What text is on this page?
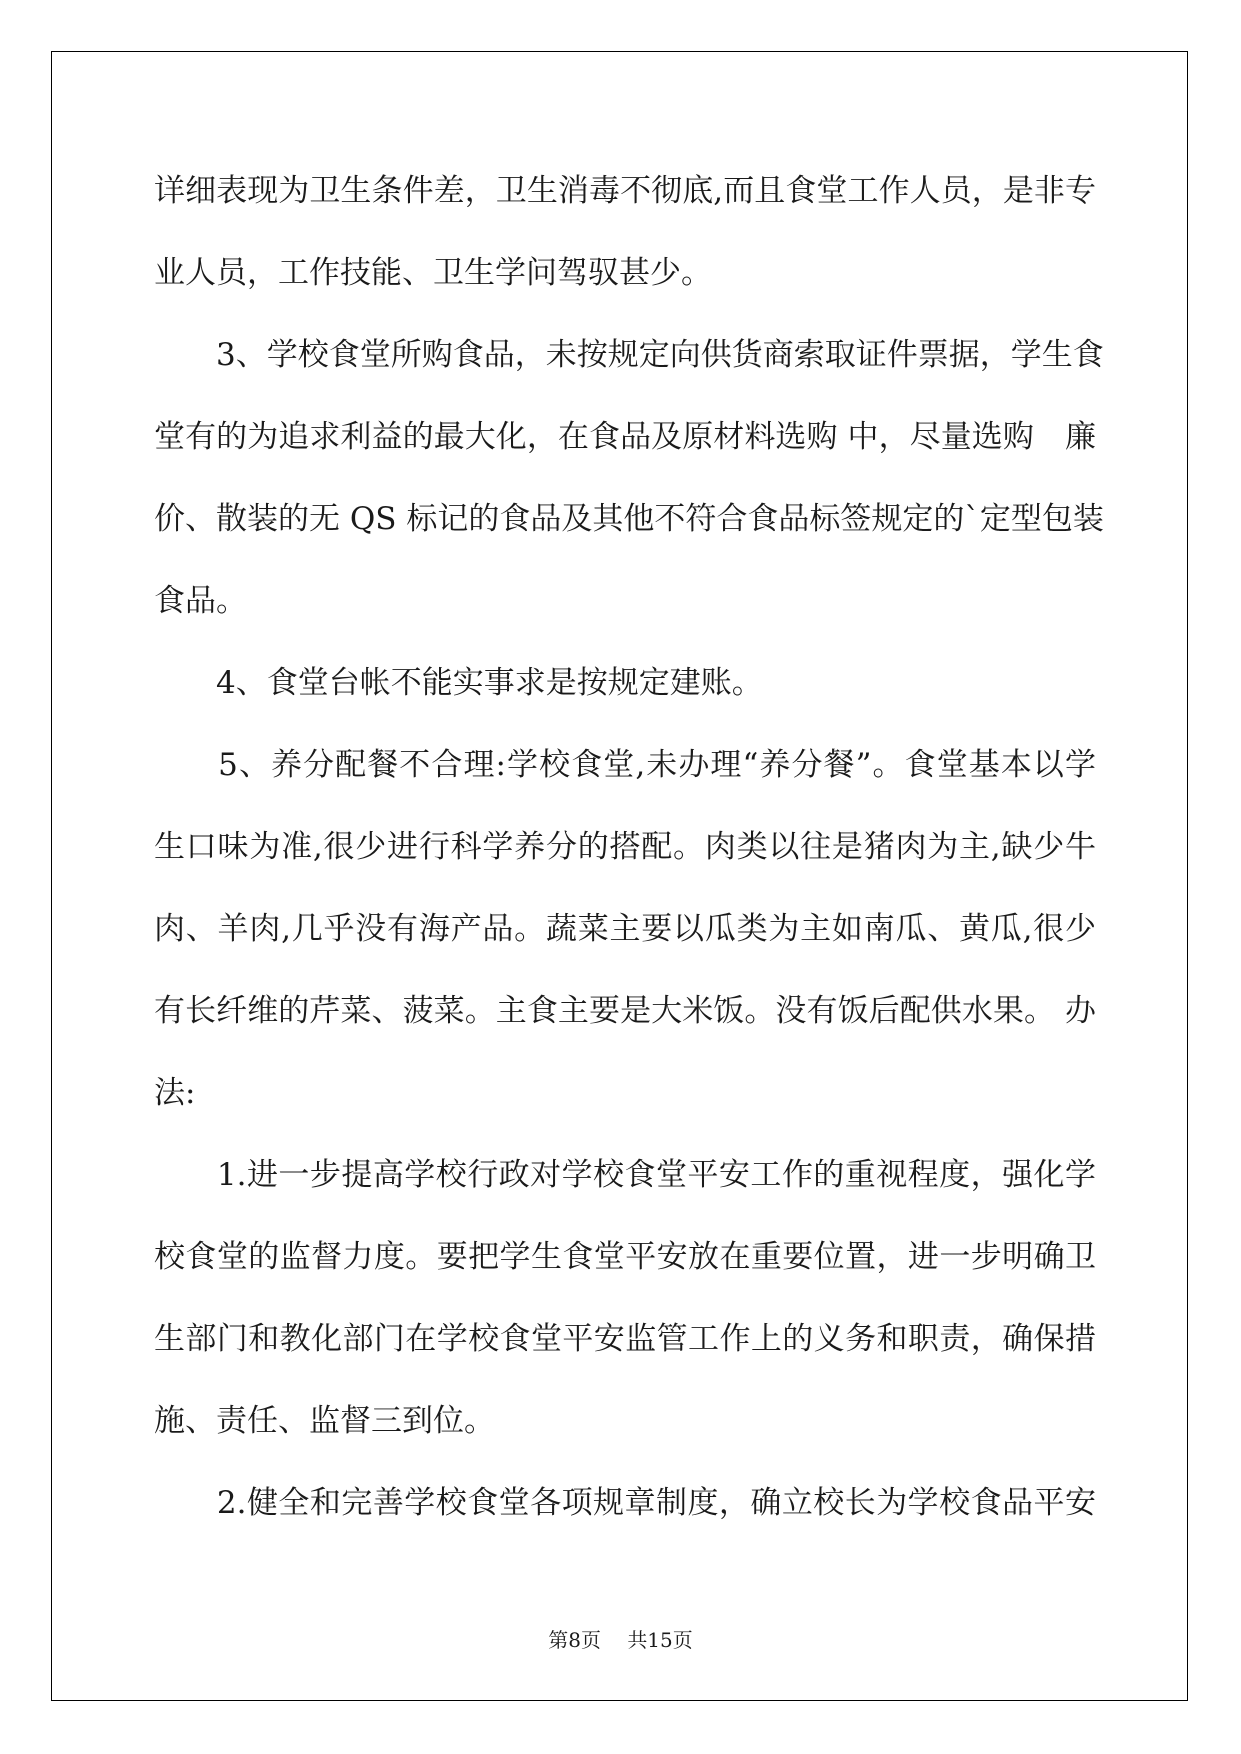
详细表现为卫生条件差，卫生消毒不彻底,而且食堂工作人员，是非专
业人员，工作技能、卫生学问驾驭甚少。
　　3、学校食堂所购食品，未按规定向供货商索取证件票据，学生食
堂有的为追求利益的最大化，在食品及原材料选购 中，尽量选购　廉
价、散装的无 QS 标记的食品及其他不符合食品标签规定的`定型包装
食品。
　　4、食堂台帐不能实事求是按规定建账。
　　5、养分配餐不合理:学校食堂,未办理“养分餐”。食堂基本以学
生口味为准,很少进行科学养分的搭配。肉类以往是猪肉为主,缺少牛
肉、羊肉,几乎没有海产品。蔬菜主要以瓜类为主如南瓜、黄瓜,很少
有长纤维的芹菜、菠菜。主食主要是大米饭。没有饭后配供水果。 办
法:
　　1.进一步提高学校行政对学校食堂平安工作的重视程度，强化学
校食堂的监督力度。要把学生食堂平安放在重要位置，进一步明确卫
生部门和教化部门在学校食堂平安监管工作上的义务和职责，确保措
施、责任、监督三到位。
　　2.健全和完善学校食堂各项规章制度，确立校长为学校食品平安
第8页 共15页
